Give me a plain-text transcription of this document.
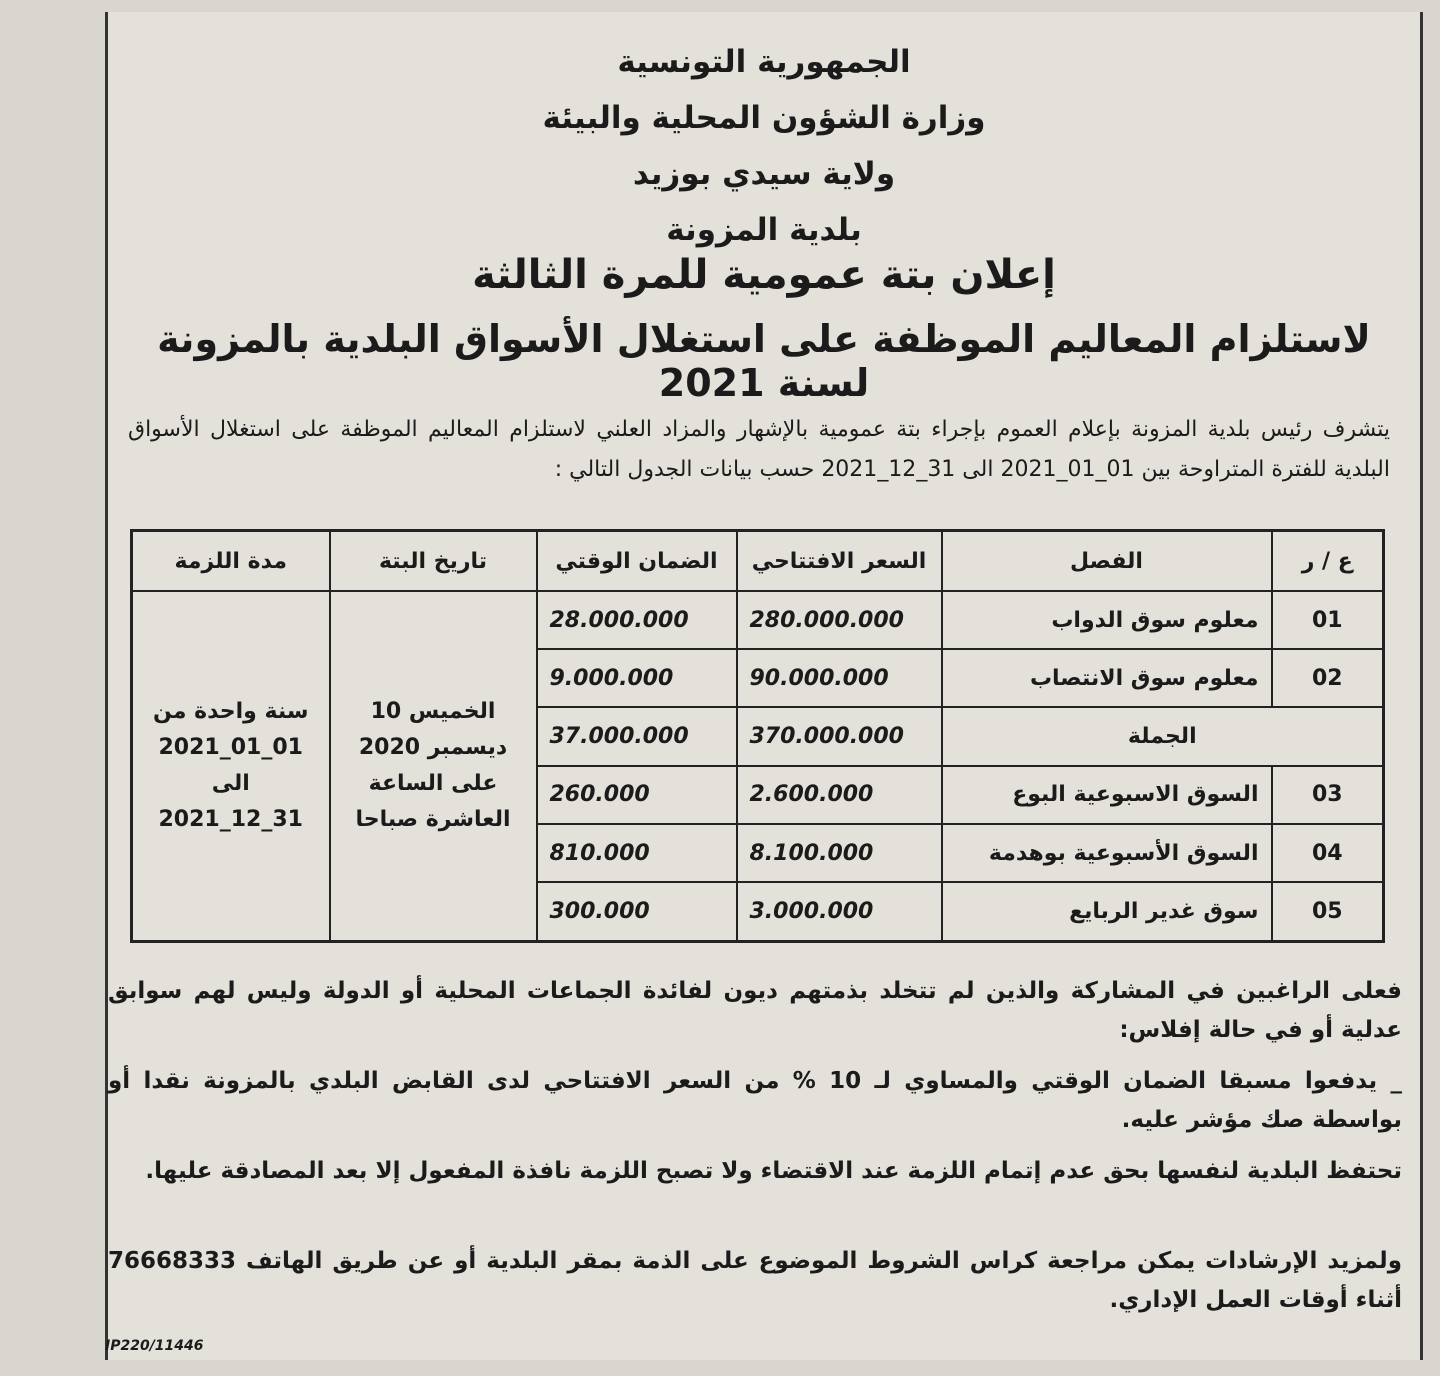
الجمهورية التونسية
وزارة الشؤون المحلية والبيئة
ولاية سيدي بوزيد
بلدية المزونة
إعلان بتة عمومية للمرة الثالثة
لاستلزام المعاليم الموظفة على استغلال الأسواق البلدية بالمزونة لسنة 2021
يتشرف رئيس بلدية المزونة بإعلام العموم بإجراء بتة عمومية بالإشهار والمزاد العلني لاستلزام المعاليم الموظفة على استغلال الأسواق البلدية للفترة المتراوحة بين 01_01_2021 الى 31_12_2021 حسب بيانات الجدول التالي :
ع / ر	الفصل	السعر الافتتاحي	الضمان الوقتي	تاريخ البتة	مدة اللزمة
01	معلوم سوق الدواب	280.000.000	28.000.000	الخميس 10 ديسمبر 2020 على الساعة العاشرة صباحا	سنة واحدة من 01_01_2021 الى 31_12_2021
02	معلوم سوق الانتصاب	90.000.000	9.000.000		
الجملة		370.000.000	37.000.000		
03	السوق الاسبوعية البوع	2.600.000	260.000		
04	السوق الأسبوعية بوهدمة	8.100.000	810.000		
05	سوق غدير الربايع	3.000.000	300.000		
فعلى الراغبين في المشاركة والذين لم تتخلد بذمتهم ديون لفائدة الجماعات المحلية أو الدولة وليس لهم سوابق عدلية أو في حالة إفلاس:
_ يدفعوا مسبقا الضمان الوقتي والمساوي لـ 10 % من السعر الافتتاحي لدى القابض البلدي بالمزونة نقدا أو بواسطة صك مؤشر عليه.
تحتفظ البلدية لنفسها بحق عدم إتمام اللزمة عند الاقتضاء ولا تصبح اللزمة نافذة المفعول إلا بعد المصادقة عليها.
ولمزيد الإرشادات يمكن مراجعة كراس الشروط الموضوع على الذمة بمقر البلدية أو عن طريق الهاتف 76668333 أثناء أوقات العمل الإداري.
IP220/11446
